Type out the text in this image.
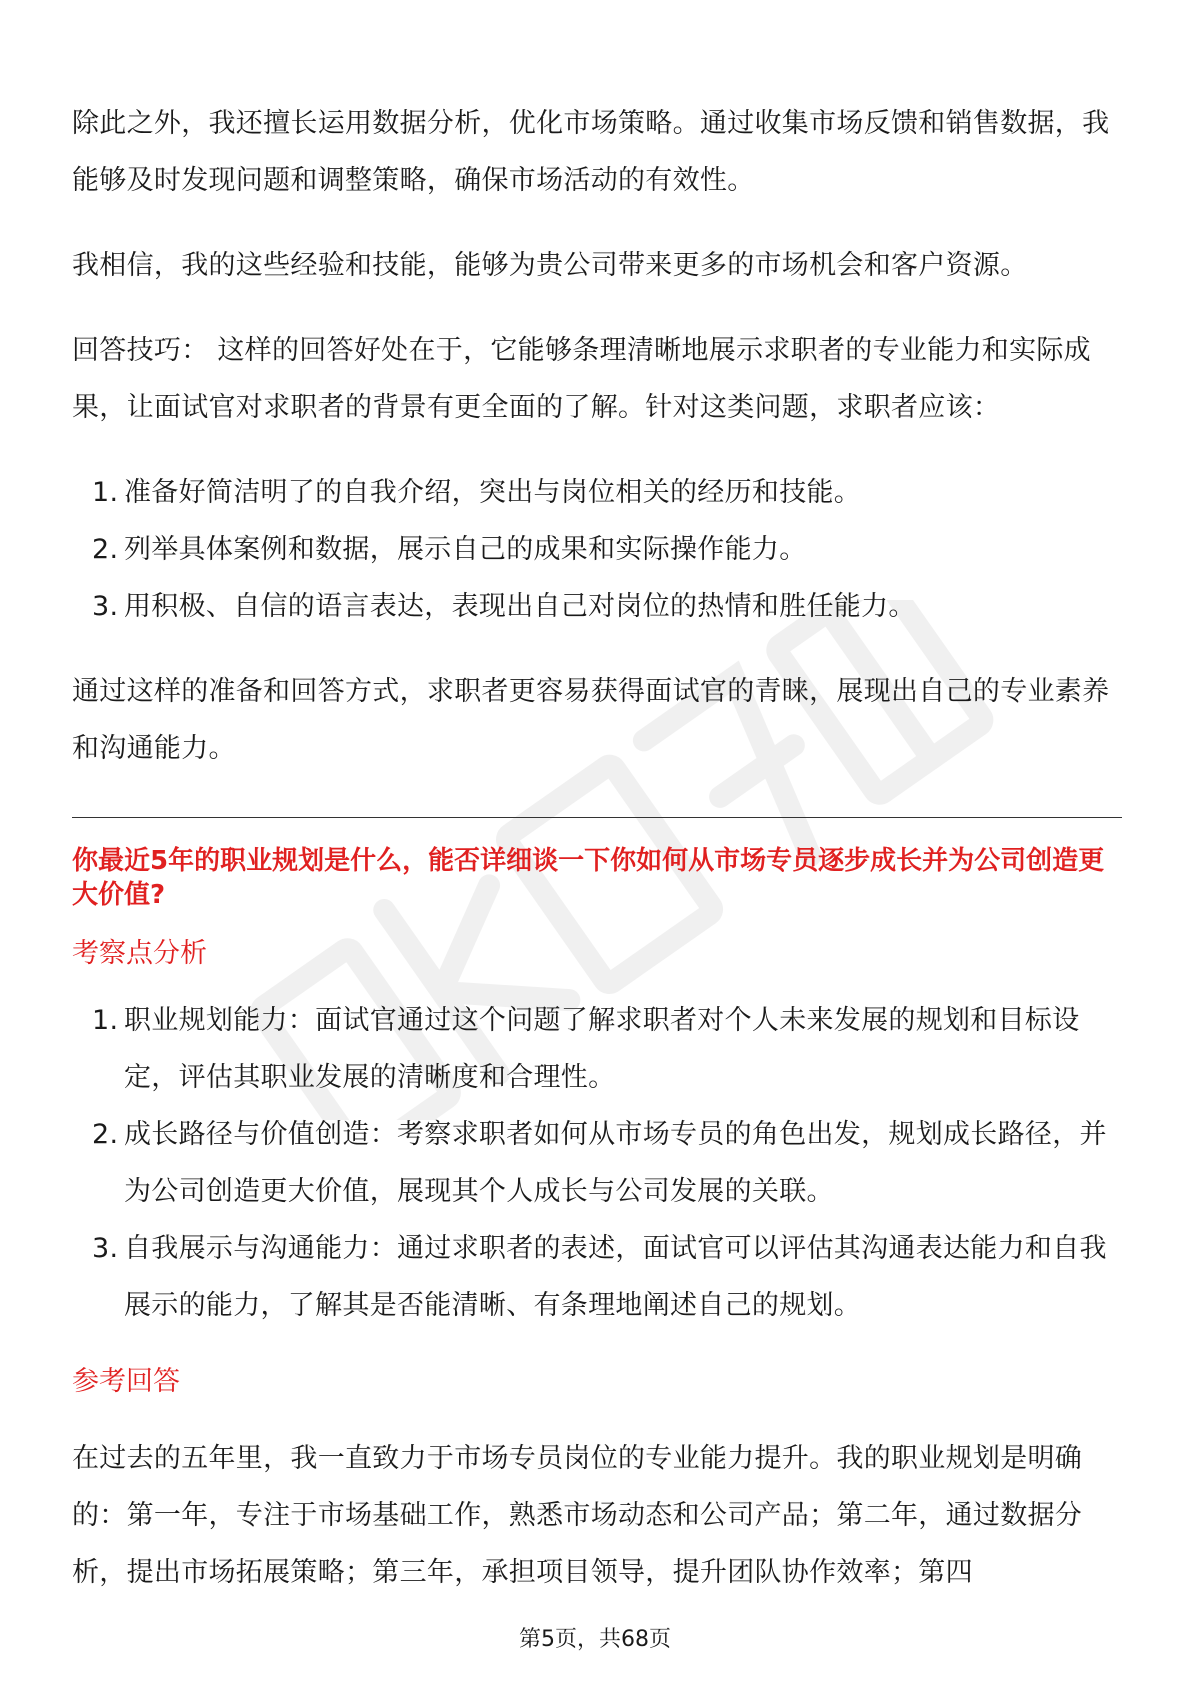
除此之外，我还擅长运用数据分析，优化市场策略。通过收集市场反馈和销售数据，我能够及时发现问题和调整策略，确保市场活动的有效性。

我相信，我的这些经验和技能，能够为贵公司带来更多的市场机会和客户资源。

回答技巧： 这样的回答好处在于，它能够条理清晰地展示求职者的专业能力和实际成果，让面试官对求职者的背景有更全面的了解。针对这类问题，求职者应该：

1. 准备好简洁明了的自我介绍，突出与岗位相关的经历和技能。
2. 列举具体案例和数据，展示自己的成果和实际操作能力。
3. 用积极、自信的语言表达，表现出自己对岗位的热情和胜任能力。

通过这样的准备和回答方式，求职者更容易获得面试官的青睐，展现出自己的专业素养和沟通能力。

你最近5年的职业规划是什么，能否详细谈一下你如何从市场专员逐步成长并为公司创造更大价值?
考察点分析
1. 职业规划能力：面试官通过这个问题了解求职者对个人未来发展的规划和目标设定，评估其职业发展的清晰度和合理性。
2. 成长路径与价值创造：考察求职者如何从市场专员的角色出发，规划成长路径，并为公司创造更大价值，展现其个人成长与公司发展的关联。
3. 自我展示与沟通能力：通过求职者的表述，面试官可以评估其沟通表达能力和自我展示的能力，了解其是否能清晰、有条理地阐述自己的规划。
参考回答

在过去的五年里，我一直致力于市场专员岗位的专业能力提升。我的职业规划是明确的：第一年，专注于市场基础工作，熟悉市场动态和公司产品；第二年，通过数据分析，提出市场拓展策略；第三年，承担项目领导，提升团队协作效率；第四

第5页，共68页
